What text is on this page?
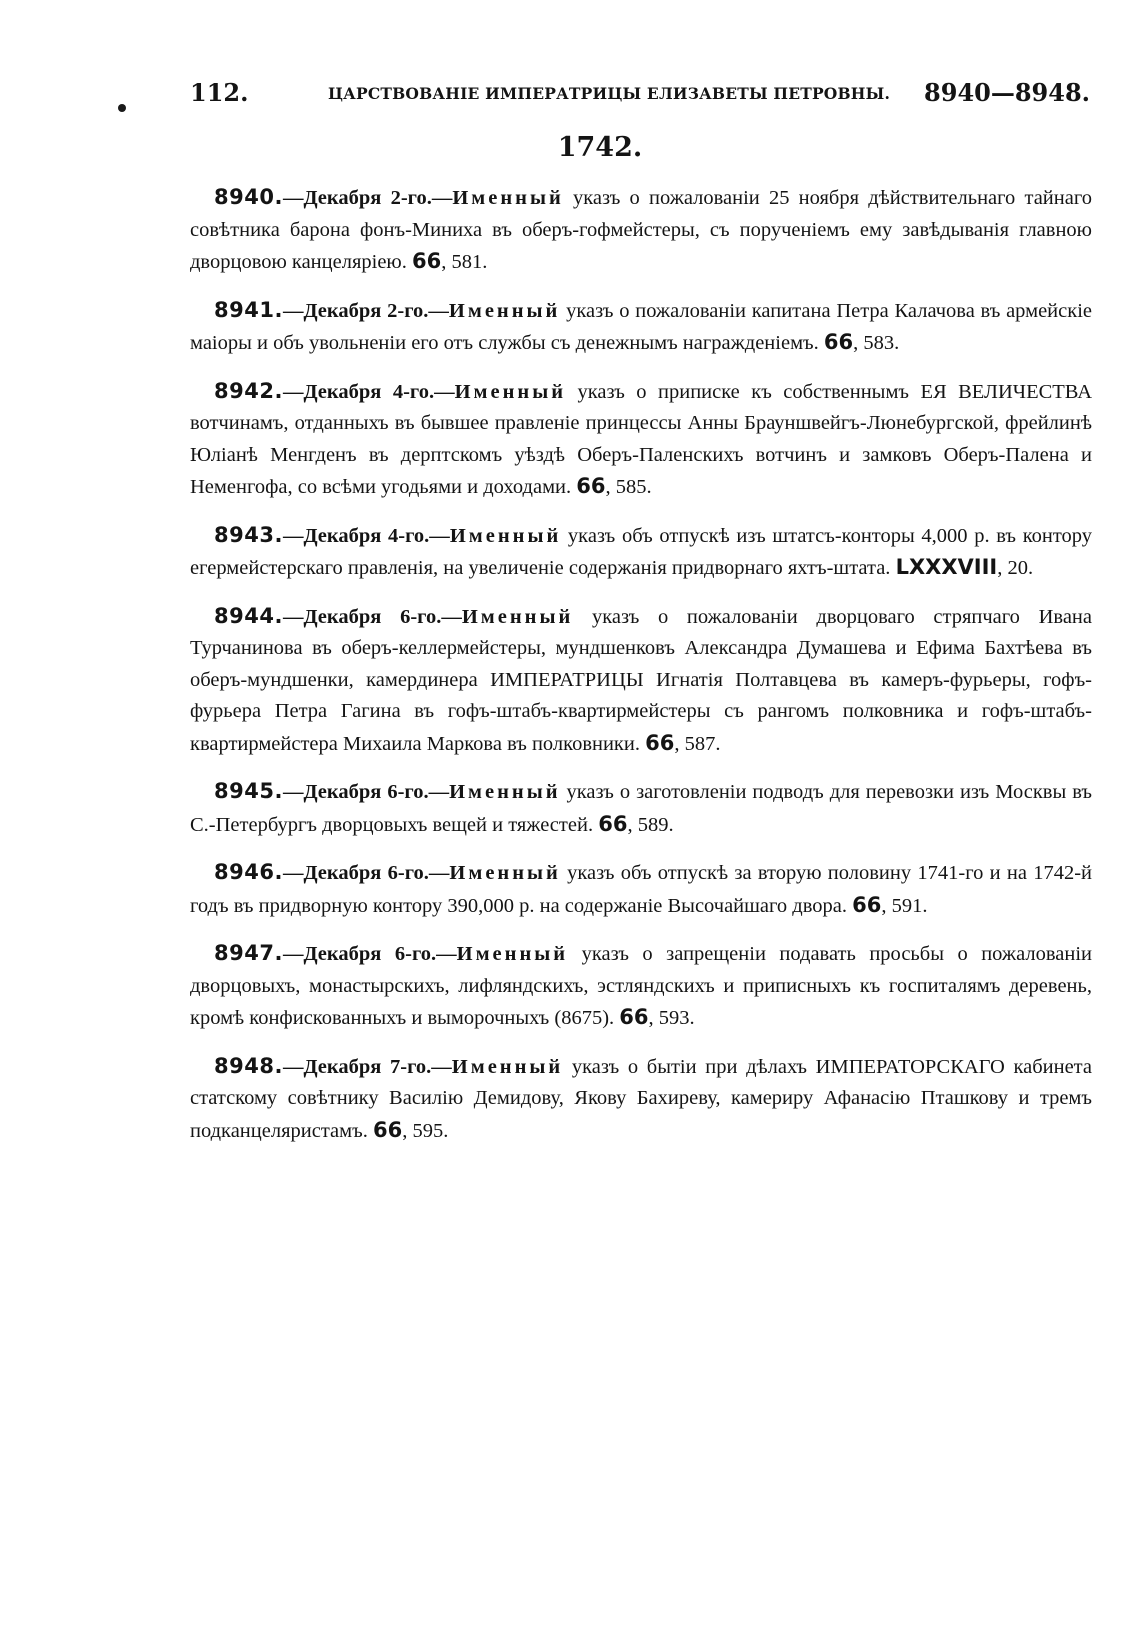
112.	ЦАРСТВОВАНІЕ ИМПЕРАТРИЦЫ ЕЛИЗАВЕТЫ ПЕТРОВНЫ. 8940—8948.
1742.

8940.—Декабря 2-го.—Именный указъ о пожалованіи 25 ноября дѣйствительнаго тайнаго совѣтника барона фонъ-Миниха въ оберъ-гофмейстеры, съ порученіемъ ему завѣдыванія главною дворцовою канцеляріею. 66, 581.

8941.—Декабря 2-го.—Именный указъ о пожалованіи капитана Петра Калачова въ армейскіе маіоры и объ увольненіи его отъ службы съ денежнымъ награжденіемъ. 66, 583.

8942.—Декабря 4-го.—Именный указъ о приписке къ собственнымъ ЕЯ ВЕЛИЧЕСТВА вотчинамъ, отданныхъ въ бывшее правленіе принцессы Анны Брауншвейгъ-Люнебургской, фрейлинѣ Юліанѣ Менгденъ въ дерптскомъ уѣздѣ Оберъ-Паленскихъ вотчинъ и замковъ Оберъ-Палена и Неменгофа, со всѣми угодьями и доходами. 66, 585.

8943.—Декабря 4-го.—Именный указъ объ отпускѣ изъ штатсъ-конторы 4,000 р. въ контору егермейстерскаго правленія, на увеличеніе содержанія придворнаго яхтъ-штата. LXXXVIII, 20.

8944.—Декабря 6-го.—Именный указъ о пожалованіи дворцоваго стряпчаго Ивана Турчанинова въ оберъ-келлермейстеры, мундшенковъ Александра Думашева и Ефима Бахтѣева въ оберъ-мундшенки, камердинера ИМПЕРАТРИЦЫ Игнатія Полтавцева въ камеръ-фурьеры, гофъ-фурьера Петра Гагина въ гофъ-штабъ-квартирмейстеры съ рангомъ полковника и гофъ-штабъ-квартирмейстера Михаила Маркова въ полковники. 66, 587.

8945.—Декабря 6-го.—Именный указъ о заготовленіи подводъ для перевозки изъ Москвы въ С.-Петербургъ дворцовыхъ вещей и тяжестей. 66, 589.

8946.—Декабря 6-го.—Именный указъ объ отпускѣ за вторую половину 1741-го и на 1742-й годъ въ придворную контору 390,000 р. на содержаніе Высочайшаго двора. 66, 591.

8947.—Декабря 6-го.—Именный указъ о запрещеніи подавать просьбы о пожалованіи дворцовыхъ, монастырскихъ, лифляндскихъ, эстляндскихъ и приписныхъ къ госпиталямъ деревень, кромѣ конфискованныхъ и выморочныхъ (8675). 66, 593.

8948.—Декабря 7-го.—Именный указъ о бытіи при дѣлахъ ИМПЕРАТОРСКАГО кабинета статскому совѣтнику Василію Демидову, Якову Бахиреву, камериру Афанасію Пташкову и тремъ подканцеляристамъ. 66, 595.
